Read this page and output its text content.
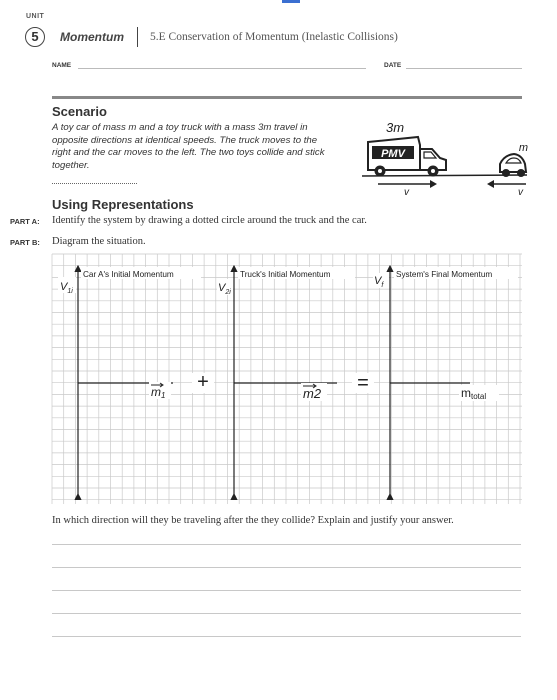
UNIT
5	Momentum 5.E Conservation of Momentum (Inelastic Collisions)
NAME	DATE
Scenario
A toy car of mass m and a toy truck with a mass 3m travel in opposite directions at identical speeds. The truck moves to the right and the car moves to the left. The two toys collide and stick together.
3m
m
PMV
v	v
Using Representations
PART A: Identify the system by drawing a dotted circle around the truck and the car.
PART B: Diagram the situation.
Car A's Initial Momentum
$V_{1i}$
m1
+
Truck's Initial Momentum
$V_{2i}$
m2 =
System's Final Momentum
$V_f$
mtotal
In which direction will they be traveling after the they collide? Explain and justify your answer.
